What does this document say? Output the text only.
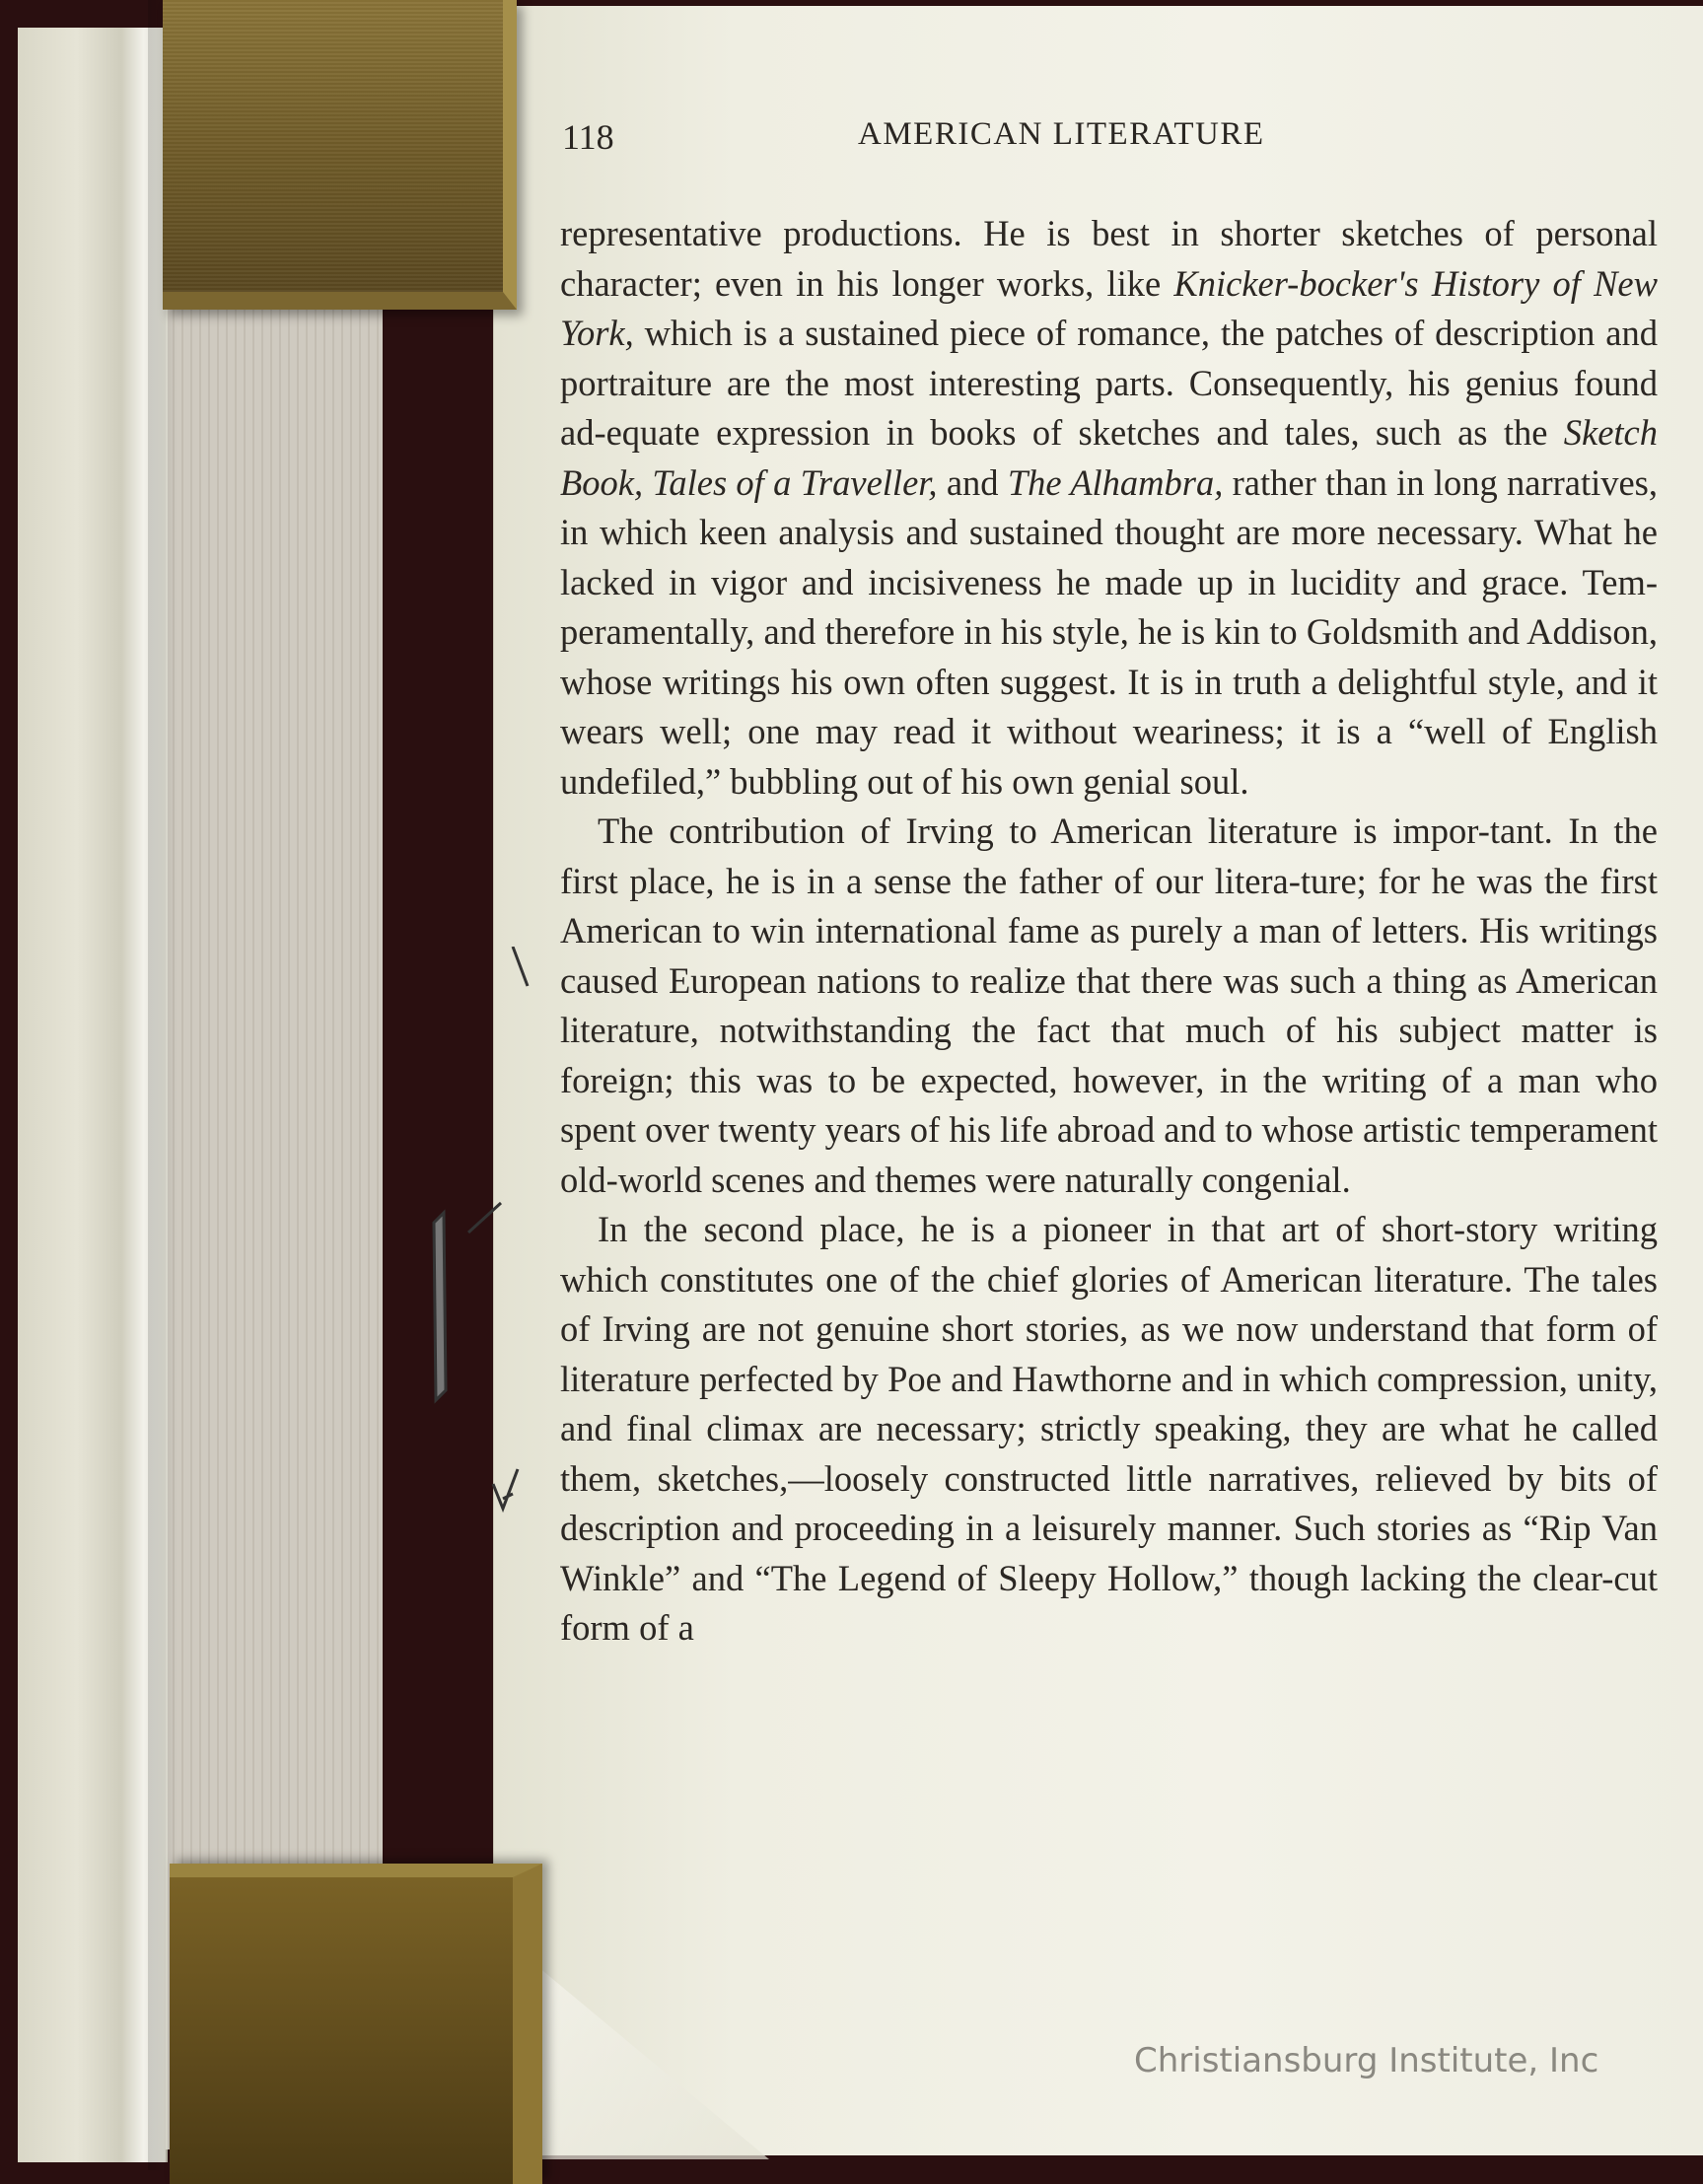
118	AMERICAN LITERATURE

representative productions. He is best in shorter sketches of personal character; even in his longer works, like Knicker-bocker's History of New York, which is a sustained piece of romance, the patches of description and portraiture are the most interesting parts. Consequently, his genius found ad-equate expression in books of sketches and tales, such as the Sketch Book, Tales of a Traveller, and The Alhambra, rather than in long narratives, in which keen analysis and sustained thought are more necessary. What he lacked in vigor and incisiveness he made up in lucidity and grace. Tem-peramentally, and therefore in his style, he is kin to Goldsmith and Addison, whose writings his own often suggest. It is in truth a delightful style, and it wears well; one may read it without weariness; it is a “well of English undefiled,” bubbling out of his own genial soul.

The contribution of Irving to American literature is impor-tant. In the first place, he is in a sense the father of our litera-ture; for he was the first American to win international fame as purely a man of letters. His writings caused European nations to realize that there was such a thing as American literature, notwithstanding the fact that much of his subject matter is foreign; this was to be expected, however, in the writing of a man who spent over twenty years of his life abroad and to whose artistic temperament old-world scenes and themes were naturally congenial.

In the second place, he is a pioneer in that art of short-story writing which constitutes one of the chief glories of American literature. The tales of Irving are not genuine short stories, as we now understand that form of literature perfected by Poe and Hawthorne and in which compression, unity, and final climax are necessary; strictly speaking, they are what he called them, sketches,—loosely constructed little narratives, relieved by bits of description and proceeding in a leisurely manner. Such stories as “Rip Van Winkle” and “The Legend of Sleepy Hollow,” though lacking the clear-cut form of a

Christiansburg Institute, Inc
